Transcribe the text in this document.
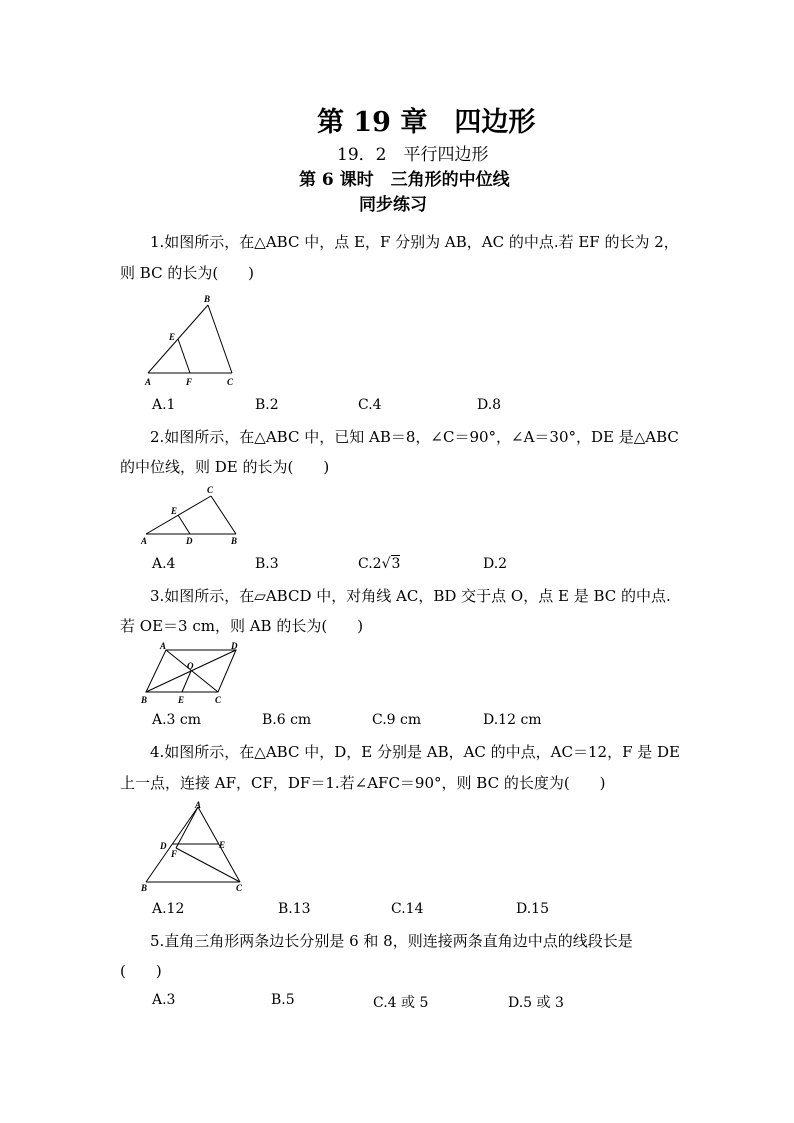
第 19 章　四边形
19．2　平行四边形
第 6 课时　三角形的中位线
同步练习
1.如图所示，在△ABC 中，点 E，F 分别为 AB，AC 的中点.若 EF 的长为 2，
则 BC 的长为(　　)
B
E
A	F	C
A.1	B.2	C.4	D.8
2.如图所示，在△ABC 中，已知 AB＝8，∠C＝90°，∠A＝30°，DE 是△ABC
的中位线，则 DE 的长为(　　)
C
E
A	D	B
A.4	B.3	C.2√3	D.2
3.如图所示，在▱ABCD 中，对角线 AC，BD 交于点 O，点 E 是 BC 的中点.
若 OE＝3 cm，则 AB 的长为(　　)
A	D
O
B	E	C
A.3 cm	B.6 cm	C.9 cm	D.12 cm
4.如图所示，在△ABC 中，D，E 分别是 AB，AC 的中点，AC＝12，F 是 DE
上一点，连接 AF，CF，DF＝1.若∠AFC＝90°，则 BC 的长度为(　　)
A
D
F
E
B	C
A.12	B.13	C.14	D.15
5.直角三角形两条边长分别是 6 和 8，则连接两条直角边中点的线段长是
(　　)
A.3	B.5	C.4 或 5	D.5 或 3
